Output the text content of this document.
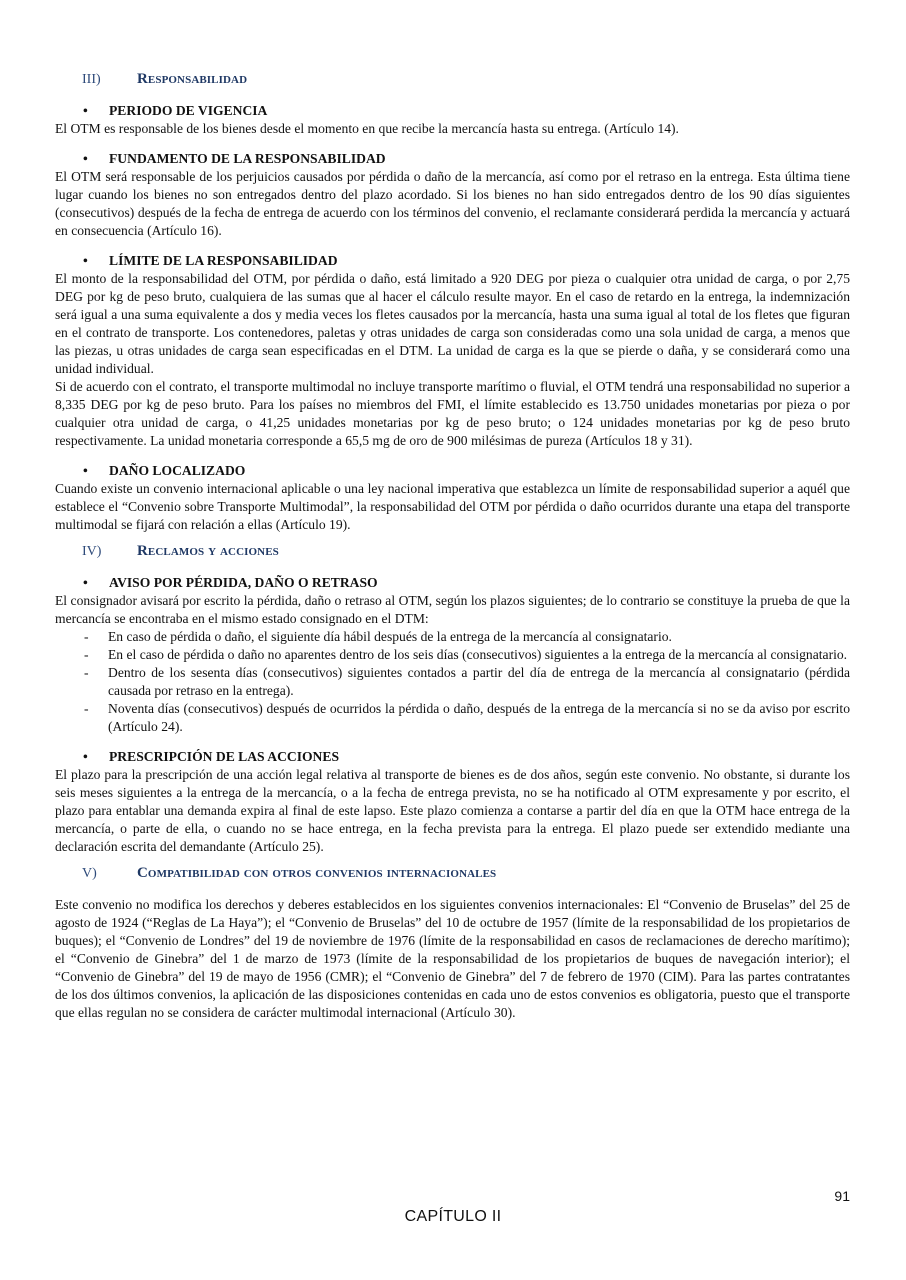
III)	Responsabilidad
• PERIODO DE VIGENCIA

El OTM es responsable de los bienes desde el momento en que recibe la mercancía hasta su entrega. (Artículo 14).

• FUNDAMENTO DE LA RESPONSABILIDAD

El OTM será responsable de los perjuicios causados por pérdida o daño de la mercancía, así como por el retraso en la entrega. Esta última tiene lugar cuando los bienes no son entregados dentro del plazo acordado. Si los bienes no han sido entregados dentro de los 90 días siguientes (consecutivos) después de la fecha de entrega de acuerdo con los términos del convenio, el reclamante considerará perdida la mercancía y actuará en consecuencia (Artículo 16).

• LÍMITE DE LA RESPONSABILIDAD

El monto de la responsabilidad del OTM, por pérdida o daño, está limitado a 920 DEG por pieza o cualquier otra unidad de carga, o por 2,75 DEG por kg de peso bruto, cualquiera de las sumas que al hacer el cálculo resulte mayor. En el caso de retardo en la entrega, la indemnización será igual a una suma equivalente a dos y media veces los fletes causados por la mercancía, hasta una suma igual al total de los fletes que figuran en el contrato de transporte. Los contenedores, paletas y otras unidades de carga son consideradas como una sola unidad de carga, a menos que las piezas, u otras unidades de carga sean especificadas en el DTM. La unidad de carga es la que se pierde o daña, y se considerará como una unidad individual.

Si de acuerdo con el contrato, el transporte multimodal no incluye transporte marítimo o fluvial, el OTM tendrá una responsabilidad no superior a 8,335 DEG por kg de peso bruto. Para los países no miembros del FMI, el límite establecido es 13.750 unidades monetarias por pieza o por cualquier otra unidad de carga, o 41,25 unidades monetarias por kg de peso bruto; o 124 unidades monetarias por kg de peso bruto respectivamente. La unidad monetaria corresponde a 65,5 mg de oro de 900 milésimas de pureza (Artículos 18 y 31).

• DAÑO LOCALIZADO

Cuando existe un convenio internacional aplicable o una ley nacional imperativa que establezca un límite de responsabilidad superior a aquél que establece el “Convenio sobre Transporte Multimodal”, la responsabilidad del OTM por pérdida o daño ocurridos durante una etapa del transporte multimodal se fijará con relación a ellas (Artículo 19).

IV)	Reclamos y acciones
• AVISO POR PÉRDIDA, DAÑO O RETRASO

El consignador avisará por escrito la pérdida, daño o retraso al OTM, según los plazos siguientes; de lo contrario se constituye la prueba de que la mercancía se encontraba en el mismo estado consignado en el DTM:

- En caso de pérdida o daño, el siguiente día hábil después de la entrega de la mercancía al consignatario.
- En el caso de pérdida o daño no aparentes dentro de los seis días (consecutivos) siguientes a la entrega de la mercancía al consignatario.
- Dentro de los sesenta días (consecutivos) siguientes contados a partir del día de entrega de la mercancía al consignatario (pérdida causada por retraso en la entrega).
- Noventa días (consecutivos) después de ocurridos la pérdida o daño, después de la entrega de la mercancía si no se da aviso por escrito (Artículo 24).
• PRESCRIPCIÓN DE LAS ACCIONES

El plazo para la prescripción de una acción legal relativa al transporte de bienes es de dos años, según este convenio. No obstante, si durante los seis meses siguientes a la entrega de la mercancía, o a la fecha de entrega prevista, no se ha notificado al OTM expresamente y por escrito, el plazo para entablar una demanda expira al final de este lapso. Este plazo comienza a contarse a partir del día en que la OTM hace entrega de la mercancía, o parte de ella, o cuando no se hace entrega, en la fecha prevista para la entrega. El plazo puede ser extendido mediante una declaración escrita del demandante (Artículo 25).

V)	Compatibilidad con otros convenios internacionales

Este convenio no modifica los derechos y deberes establecidos en los siguientes convenios internacionales: El “Convenio de Bruselas” del 25 de agosto de 1924 (“Reglas de La Haya”); el “Convenio de Bruselas” del 10 de octubre de 1957 (límite de la responsabilidad de los propietarios de buques); el “Convenio de Londres” del 19 de noviembre de 1976 (límite de la responsabilidad en casos de reclamaciones de derecho marítimo); el “Convenio de Ginebra” del 1 de marzo de 1973 (límite de la responsabilidad de los propietarios de buques de navegación interior); el “Convenio de Ginebra” del 19 de mayo de 1956 (CMR); el “Convenio de Ginebra” del 7 de febrero de 1970 (CIM). Para las partes contratantes de los dos últimos convenios, la aplicación de las disposiciones contenidas en cada uno de estos convenios es obligatoria, puesto que el transporte que ellas regulan no se considera de carácter multimodal internacional (Artículo 30).

91
CAPÍTULO II
